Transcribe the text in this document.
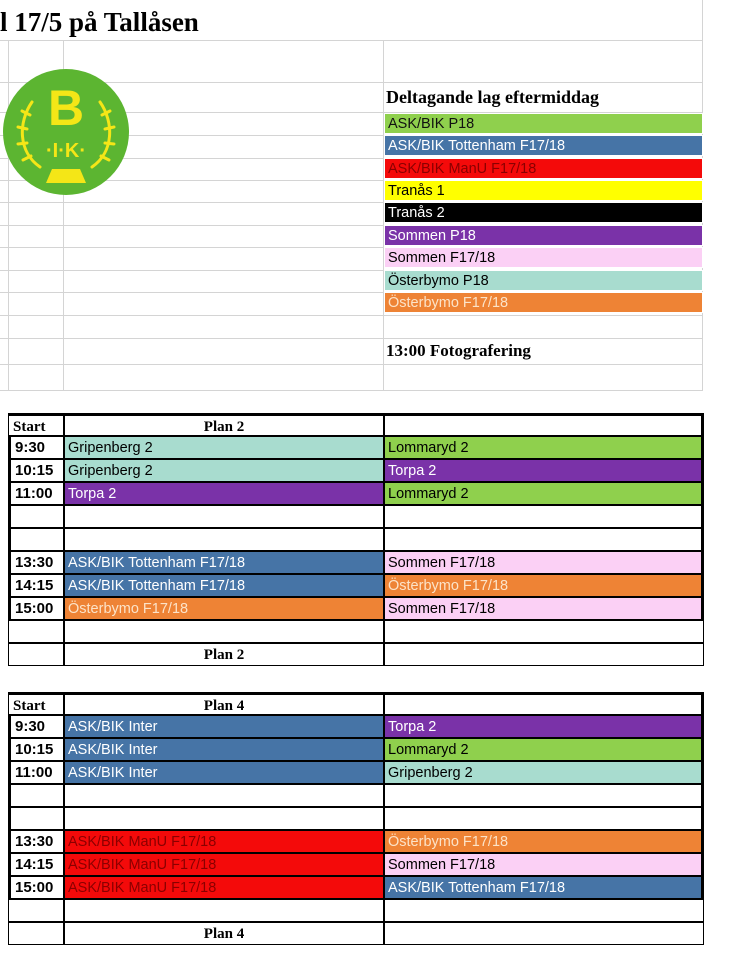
l 17/5 på Tallåsen
B
·I·K·
Deltagande lag eftermiddag
ASK/BIK P18
ASK/BIK Tottenham F17/18
ASK/BIK ManU F17/18
Tranås 1
Tranås 2
Sommen P18
Sommen F17/18
Österbymo P18
Österbymo F17/18
13:00 Fotografering
Start	Plan 2
9:30	Gripenberg 2	Lommaryd 2
10:15	Gripenberg 2	Torpa 2
11:00	Torpa 2	Lommaryd 2
13:30	ASK/BIK Tottenham F17/18	Sommen F17/18
14:15	ASK/BIK Tottenham F17/18	Österbymo F17/18
15:00	Österbymo F17/18	Sommen F17/18
Plan 2
Start	Plan 4
9:30	ASK/BIK Inter	Torpa 2
10:15	ASK/BIK Inter	Lommaryd 2
11:00	ASK/BIK Inter	Gripenberg 2
13:30	ASK/BIK ManU F17/18	Österbymo F17/18
14:15	ASK/BIK ManU F17/18	Sommen F17/18
15:00	ASK/BIK ManU F17/18	ASK/BIK Tottenham F17/18
Plan 4
